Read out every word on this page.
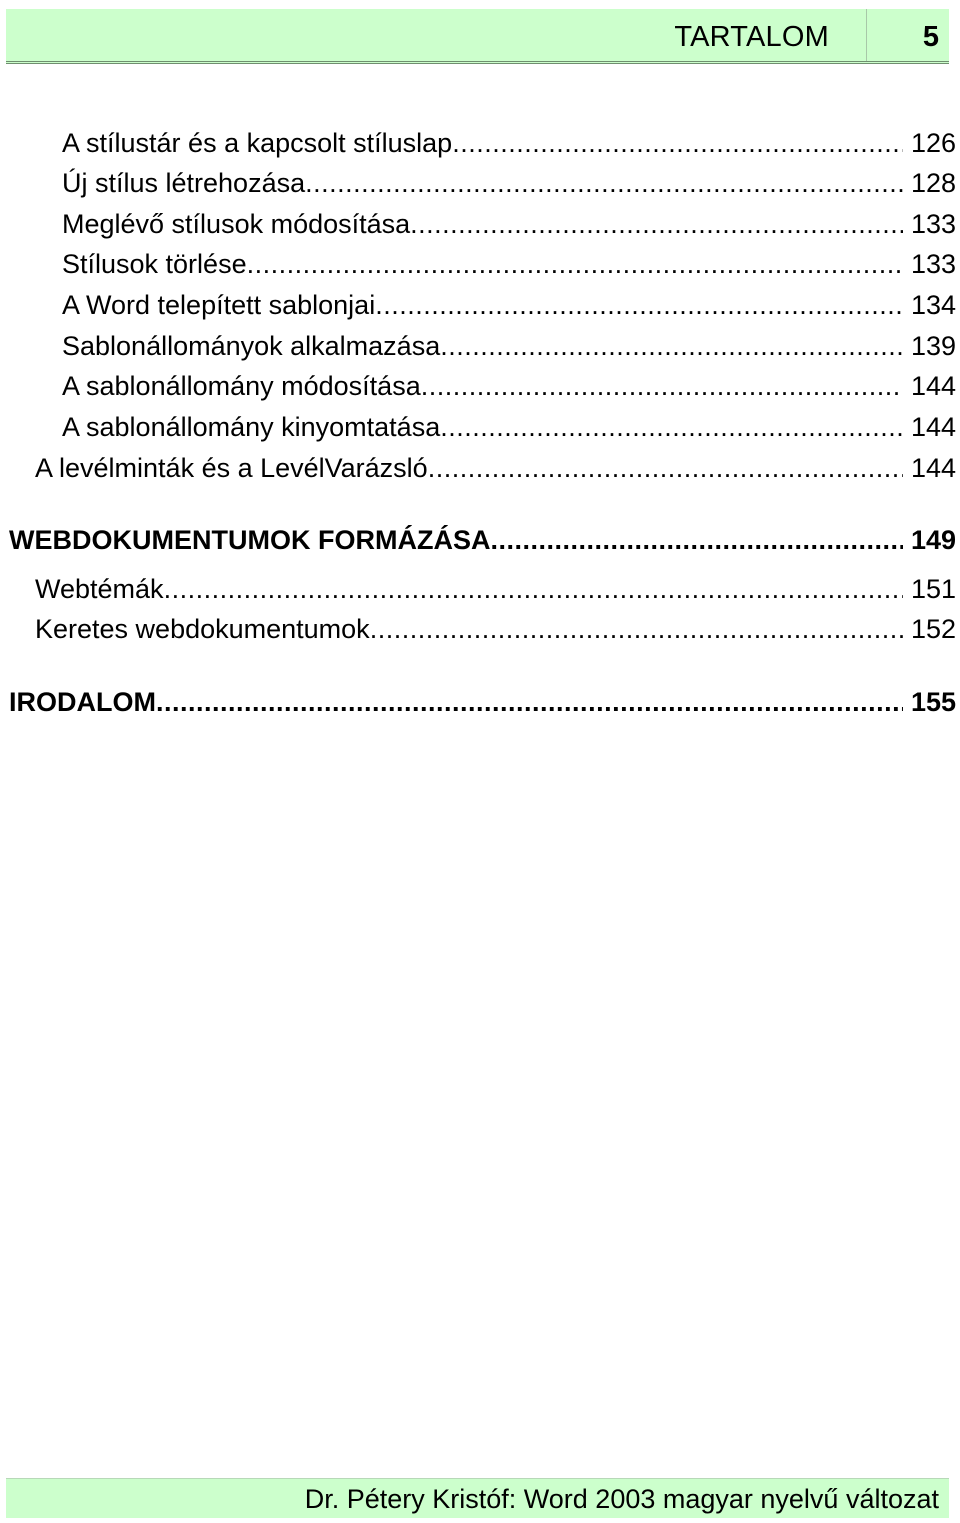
TARTALOM	5
A stílustár és a kapcsolt stíluslap .....	126
Új stílus létrehozása .....	128
Meglévő stílusok módosítása .....	133
Stílusok törlése .....	133
A Word telepített sablonjai .....	134
Sablonállományok alkalmazása .....	139
A sablonállomány módosítása .....	144
A sablonállomány kinyomtatása .....	144
A levélminták és a LevélVarázsló .....	144
WEBDOKUMENTUMOK FORMÁZÁSA .....	149
Webtémák .....	151
Keretes webdokumentumok .....	152
IRODALOM .....	155
Dr. Pétery Kristóf: Word 2003 magyar nyelvű változat
